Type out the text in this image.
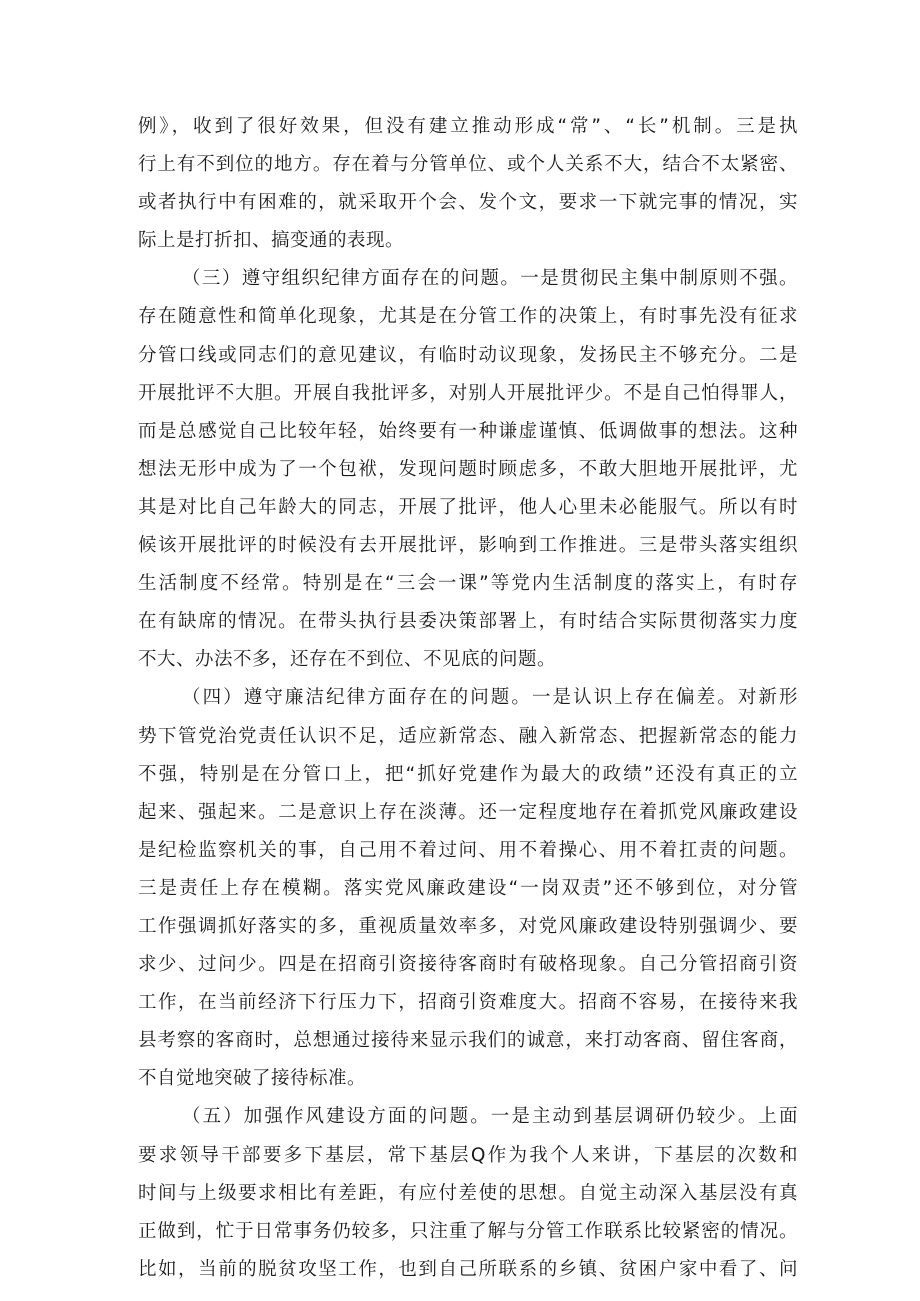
例》，收到了很好效果，但没有建立推动形成“常”、“长”机制。三是执
行上有不到位的地方。存在着与分管单位、或个人关系不大，结合不太紧密、
或者执行中有困难的，就采取开个会、发个文，要求一下就完事的情况，实
际上是打折扣、搞变通的表现。
（三）遵守组织纪律方面存在的问题。一是贯彻民主集中制原则不强。
存在随意性和简单化现象，尤其是在分管工作的决策上，有时事先没有征求
分管口线或同志们的意见建议，有临时动议现象，发扬民主不够充分。二是
开展批评不大胆。开展自我批评多，对别人开展批评少。不是自己怕得罪人，
而是总感觉自己比较年轻，始终要有一种谦虚谨慎、低调做事的想法。这种
想法无形中成为了一个包袱，发现问题时顾虑多，不敢大胆地开展批评，尤
其是对比自己年龄大的同志，开展了批评，他人心里未必能服气。所以有时
候该开展批评的时候没有去开展批评，影响到工作推进。三是带头落实组织
生活制度不经常。特别是在“三会一课”等党内生活制度的落实上，有时存
在有缺席的情况。在带头执行县委决策部署上，有时结合实际贯彻落实力度
不大、办法不多，还存在不到位、不见底的问题。
（四）遵守廉洁纪律方面存在的问题。一是认识上存在偏差。对新形
势下管党治党责任认识不足，适应新常态、融入新常态、把握新常态的能力
不强，特别是在分管口上，把“抓好党建作为最大的政绩”还没有真正的立
起来、强起来。二是意识上存在淡薄。还一定程度地存在着抓党风廉政建设
是纪检监察机关的事，自己用不着过问、用不着操心、用不着扛责的问题。
三是责任上存在模糊。落实党风廉政建设“一岗双责”还不够到位，对分管
工作强调抓好落实的多，重视质量效率多，对党风廉政建设特别强调少、要
求少、过问少。四是在招商引资接待客商时有破格现象。自己分管招商引资
工作，在当前经济下行压力下，招商引资难度大。招商不容易，在接待来我
县考察的客商时，总想通过接待来显示我们的诚意，来打动客商、留住客商，
不自觉地突破了接待标准。
（五）加强作风建设方面的问题。一是主动到基层调研仍较少。上面
要求领导干部要多下基层，常下基层Q作为我个人来讲，下基层的次数和
时间与上级要求相比有差距，有应付差使的思想。自觉主动深入基层没有真
正做到，忙于日常事务仍较多，只注重了解与分管工作联系比较紧密的情况。
比如，当前的脱贫攻坚工作，也到自己所联系的乡镇、贫困户家中看了、问
